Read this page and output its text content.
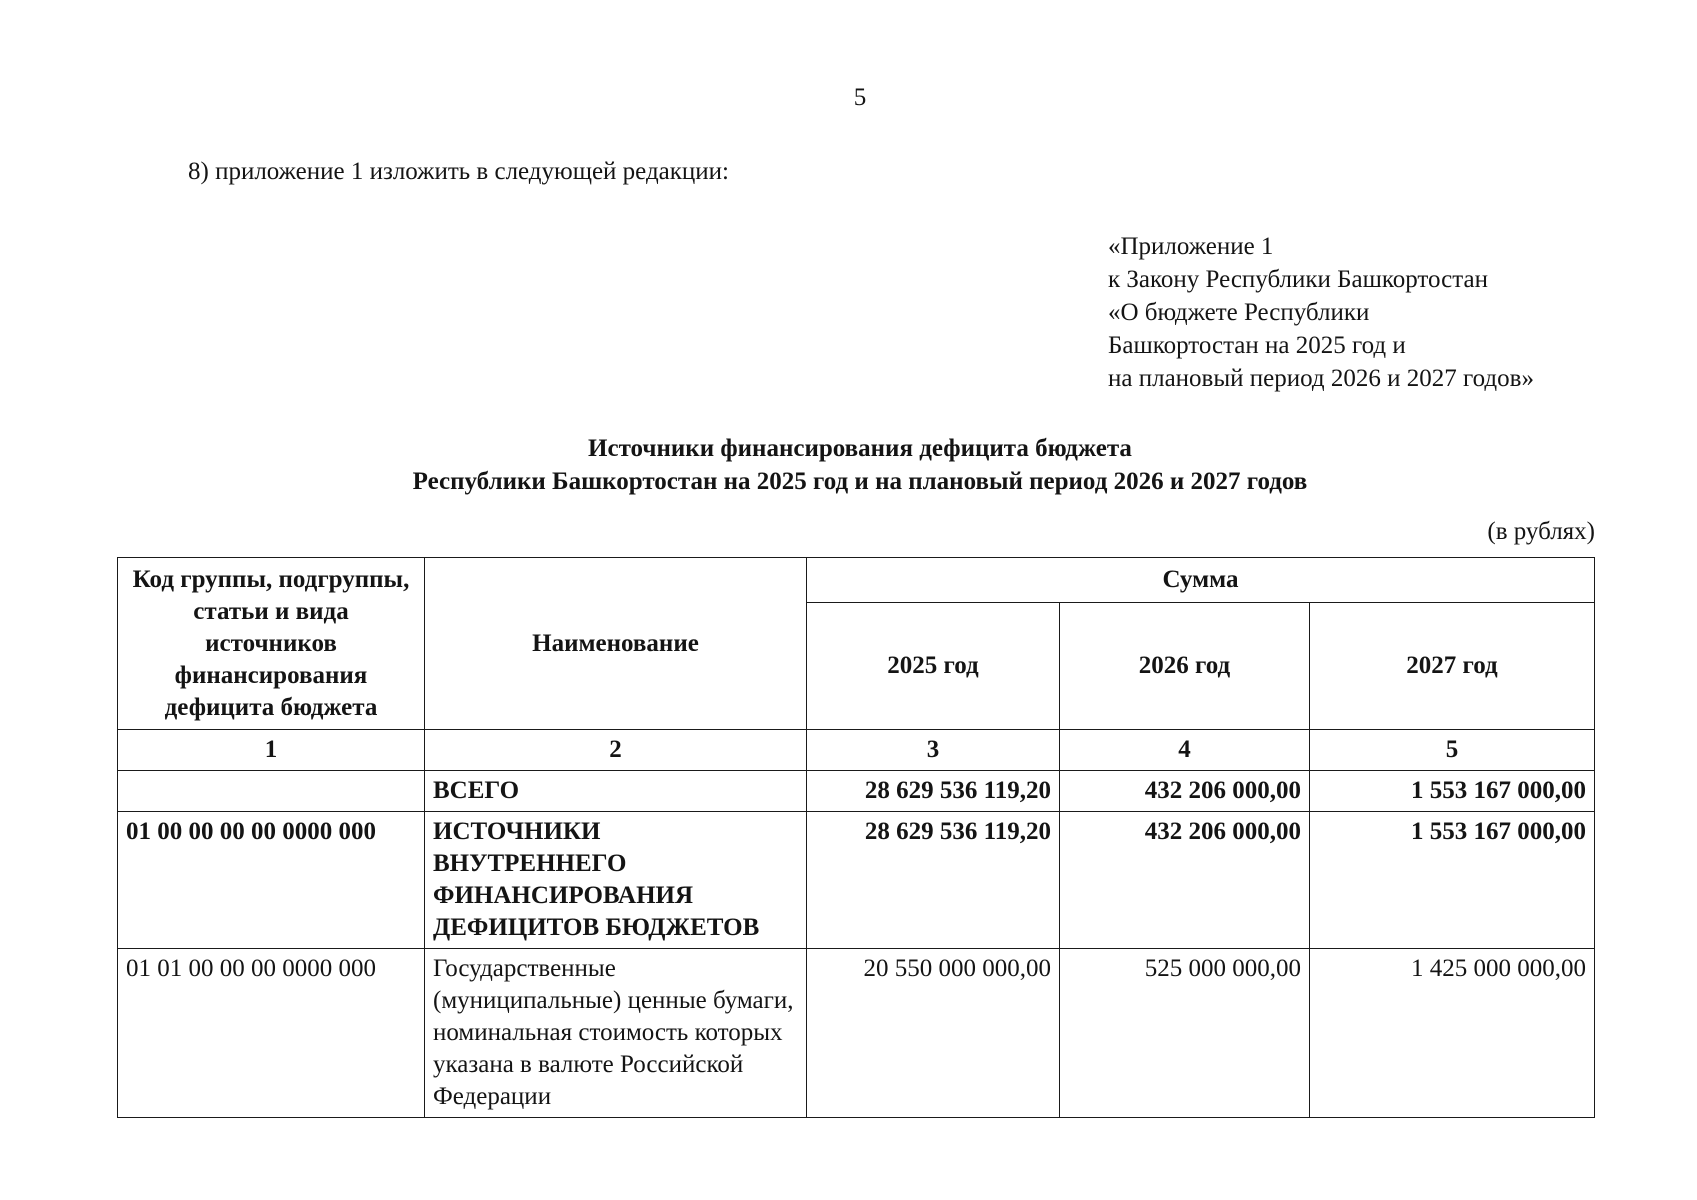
5
8) приложение 1 изложить в следующей редакции:
«Приложение 1
к Закону Республики Башкортостан
«О бюджете Республики
Башкортостан на 2025 год и
на плановый период 2026 и 2027 годов»
Источники финансирования дефицита бюджета
Республики Башкортостан на 2025 год и на плановый период 2026 и 2027 годов
(в рублях)
Код группы, подгруппы, статьи и вида источников финансирования дефицита бюджета	Наименование	Сумма		
		2025 год	2026 год	2027 год
1	2	3	4	5
	ВСЕГО	28 629 536 119,20	432 206 000,00	1 553 167 000,00
01 00 00 00 00 0000 000	ИСТОЧНИКИ ВНУТРЕННЕГО ФИНАНСИРОВАНИЯ ДЕФИЦИТОВ БЮДЖЕТОВ	28 629 536 119,20	432 206 000,00	1 553 167 000,00
01 01 00 00 00 0000 000	Государственные (муниципальные) ценные бумаги, номинальная стоимость которых указана в валюте Российской Федерации	20 550 000 000,00	525 000 000,00	1 425 000 000,00
